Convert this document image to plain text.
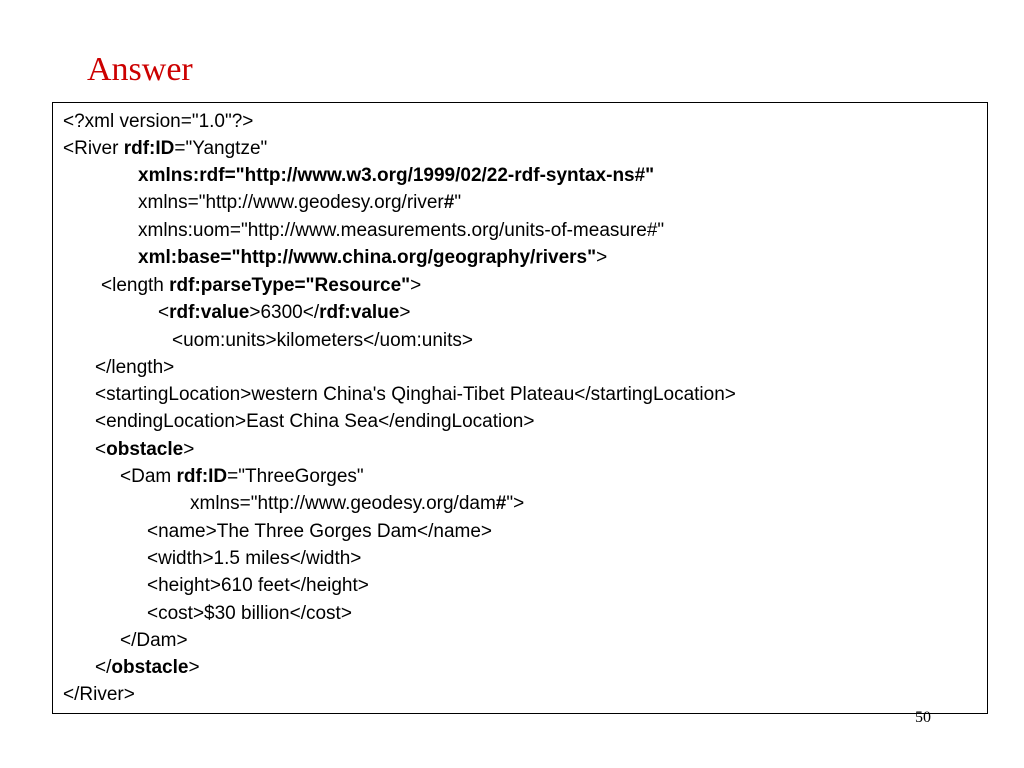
Answer
<?xml version="1.0"?>
<River rdf:ID="Yangtze"
xmlns:rdf="http://www.w3.org/1999/02/22-rdf-syntax-ns#"
xmlns="http://www.geodesy.org/river#"
xmlns:uom="http://www.measurements.org/units-of-measure#"
xml:base="http://www.china.org/geography/rivers">
<length rdf:parseType="Resource">
<rdf:value>6300</rdf:value>
<uom:units>kilometers</uom:units>
</length>
<startingLocation>western China's Qinghai-Tibet Plateau</startingLocation>
<endingLocation>East China Sea</endingLocation>
<obstacle>
<Dam rdf:ID="ThreeGorges"
xmlns="http://www.geodesy.org/dam#">
<name>The Three Gorges Dam</name>
<width>1.5 miles</width>
<height>610 feet</height>
<cost>$30 billion</cost>
</Dam>
</obstacle>
</River>
50
